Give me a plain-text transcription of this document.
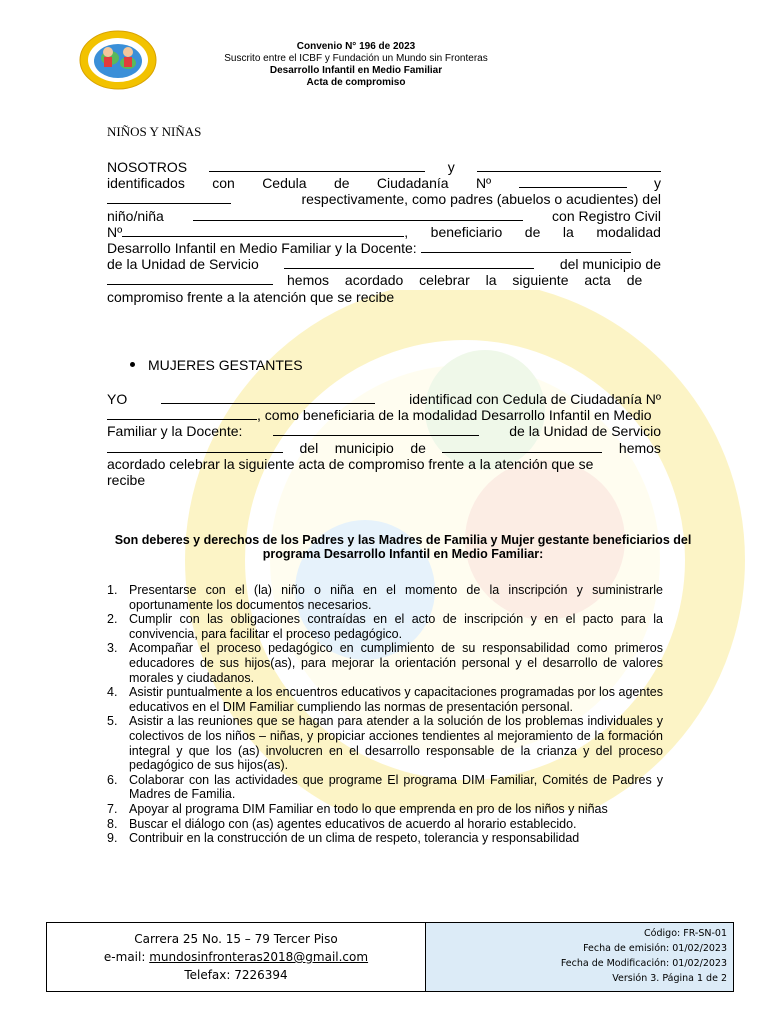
Convenio N° 196 de 2023
Suscrito entre el ICBF y Fundación un Mundo sin Fronteras
Desarrollo Infantil en Medio Familiar
Acta de compromiso
NIÑOS Y NIÑAS
NOSOTROS	y
identificados con Cedula de Ciudadanía Nº	y
respectivamente, como padres (abuelos o acudientes) del
niño/niña	con Registro Civil
Nº	, beneficiario de la modalidad
Desarrollo Infantil en Medio Familiar y la Docente:
de la Unidad de Servicio	del municipio de
hemos acordado celebrar la siguiente acta de
compromiso frente a la atención que se recibe
MUJERES GESTANTES
YO	identificad con Cedula de Ciudadanía Nº
, como beneficiaria de la modalidad Desarrollo Infantil en Medio
Familiar y la Docente:	de la Unidad de Servicio
del municipio de	hemos
acordado celebrar la siguiente acta de compromiso frente a la atención que se
recibe
Son deberes y derechos de los Padres y las Madres de Familia y Mujer gestante beneficiarios del programa Desarrollo Infantil en Medio Familiar:
1. Presentarse con el (la) niño o niña en el momento de la inscripción y suministrarle oportunamente los documentos necesarios.
2. Cumplir con las obligaciones contraídas en el acto de inscripción y en el pacto para la convivencia, para facilitar el proceso pedagógico.
3. Acompañar el proceso pedagógico en cumplimiento de su responsabilidad como primeros educadores de sus hijos(as), para mejorar la orientación personal y el desarrollo de valores morales y ciudadanos.
4. Asistir puntualmente a los encuentros educativos y capacitaciones programadas por los agentes educativos en el DIM Familiar cumpliendo las normas de presentación personal.
5. Asistir a las reuniones que se hagan para atender a la solución de los problemas individuales y colectivos de los niños – niñas, y propiciar acciones tendientes al mejoramiento de la formación integral y que los (as) involucren en el desarrollo responsable de la crianza y del proceso pedagógico de sus hijos(as).
6. Colaborar con las actividades que programe El programa DIM Familiar, Comités de Padres y Madres de Familia.
7. Apoyar al programa DIM Familiar en todo lo que emprenda en pro de los niños y niñas
8. Buscar el diálogo con (as) agentes educativos de acuerdo al horario establecido.
9. Contribuir en la construcción de un clima de respeto, tolerancia y responsabilidad
Carrera 25 No. 15 – 79 Tercer Piso
e-mail: mundosinfronteras2018@gmail.com
Telefax: 7226394
Código: FR-SN-01
Fecha de emisión: 01/02/2023
Fecha de Modificación: 01/02/2023
Versión 3. Página 1 de 2
